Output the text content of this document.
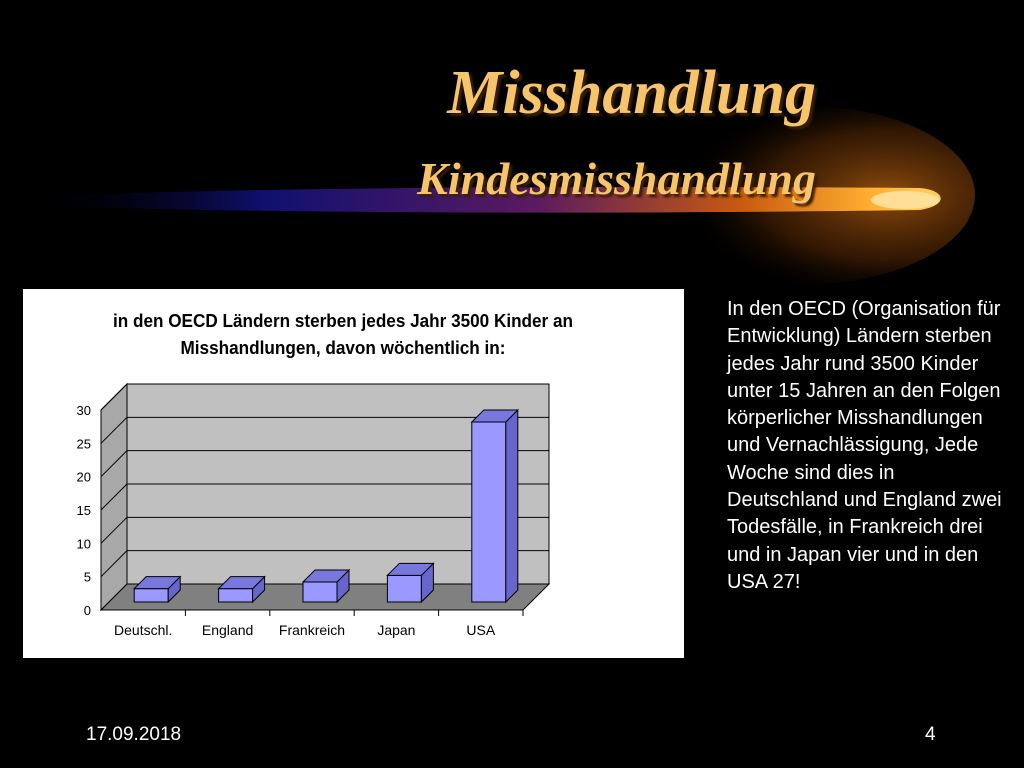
Misshandlung
Kindesmisshandlung
in den OECD Ländern sterben jedes Jahr 3500 Kinder an
Misshandlungen, davon wöchentlich in:
0
5
10
15
20
25
30
Deutschl. England Frankreich Japan	USA
In den OECD (Organisation für Entwicklung) Ländern sterben jedes Jahr rund 3500 Kinder unter 15 Jahren an den Folgen körperlicher Misshandlungen und Vernachlässigung, Jede Woche sind dies in Deutschland und England zwei Todesfälle, in Frankreich drei und in Japan vier und in den USA 27!
17.09.2018	4
